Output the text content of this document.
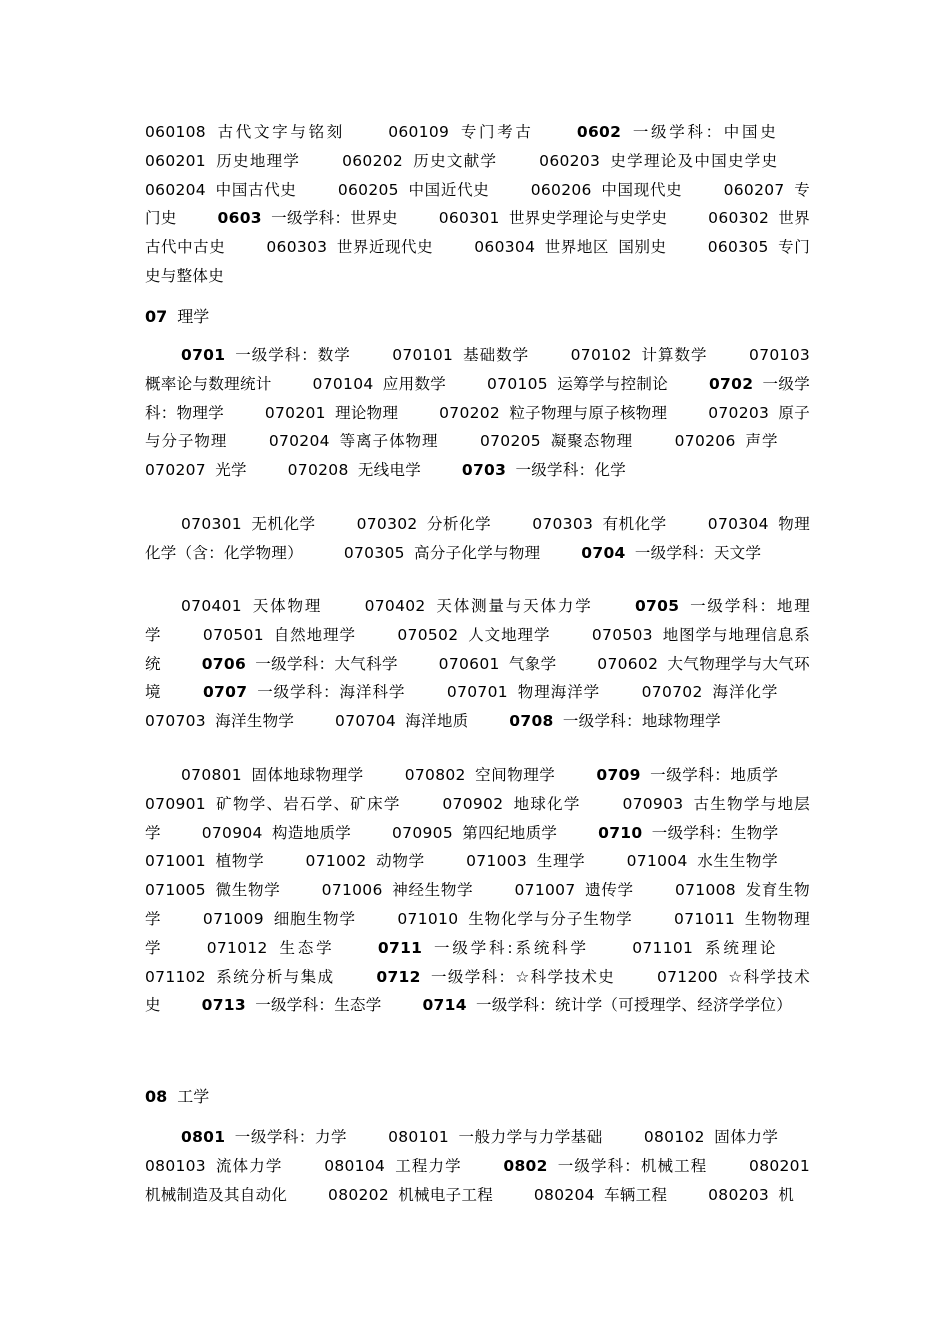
060108 古代文字与铭刻  	060109 专门考古  	0602 一级学科：中国史   060201 历史地理学  	060202 历史文献学  	060203 史学理论及中国史学史   060204 中国古代史  	060205 中国近代史  	060206 中国现代史  	060207 专门史  	0603 一级学科：世界史  	060301 世界史学理论与史学史  	060302 世界古代中古史  	060303 世界近现代史  	060304 世界地区 国别史  	060305 专门史与整体史
07 理学
0701 一级学科：数学  	070101 基础数学  	070102 计算数学  	070103 概率论与数理统计  	070104 应用数学  	070105 运筹学与控制论  	0702 一级学科：物理学  	070201 理论物理  	070202 粒子物理与原子核物理  	070203 原子与分子物理  	070204 等离子体物理  	070205 凝聚态物理  	070206 声学   070207 光学  	070208 无线电学  	0703 一级学科：化学
070301 无机化学  	070302 分析化学  	070303 有机化学  	070304 物理化学（含：化学物理）  	070305 高分子化学与物理  	0704 一级学科：天文学
070401 天体物理  	070402 天体测量与天体力学  	0705 一级学科：地理学  	070501 自然地理学  	070502 人文地理学  	070503 地图学与地理信息系统  	0706 一级学科：大气科学  	070601 气象学  	070602 大气物理学与大气环境  	0707 一级学科：海洋科学  	070701 物理海洋学  	070702 海洋化学   070703 海洋生物学  	070704 海洋地质  	0708 一级学科：地球物理学
070801 固体地球物理学  	070802 空间物理学  	0709 一级学科：地质学   070901 矿物学、岩石学、矿床学  	070902 地球化学  	070903 古生物学与地层学  	070904 构造地质学  	070905 第四纪地质学  	0710 一级学科：生物学   071001 植物学  	071002 动物学  	071003 生理学  	071004 水生生物学   071005 微生物学  	071006 神经生物学  	071007 遗传学  	071008 发育生物学  	071009 细胞生物学  	071010 生物化学与分子生物学  	071011 生物物理学  	071012 生态学  	0711 一级学科:系统科学  	071101 系统理论   071102 系统分析与集成  	0712 一级学科：☆科学技术史  	071200 ☆科学技术史  	0713 一级学科：生态学  	0714 一级学科：统计学（可授理学、经济学学位）
08 工学
0801 一级学科：力学  	080101 一般力学与力学基础  	080102 固体力学   080103 流体力学  	080104 工程力学  	0802 一级学科：机械工程  	080201 机械制造及其自动化  	080202 机械电子工程  	080204 车辆工程  	080203 机
